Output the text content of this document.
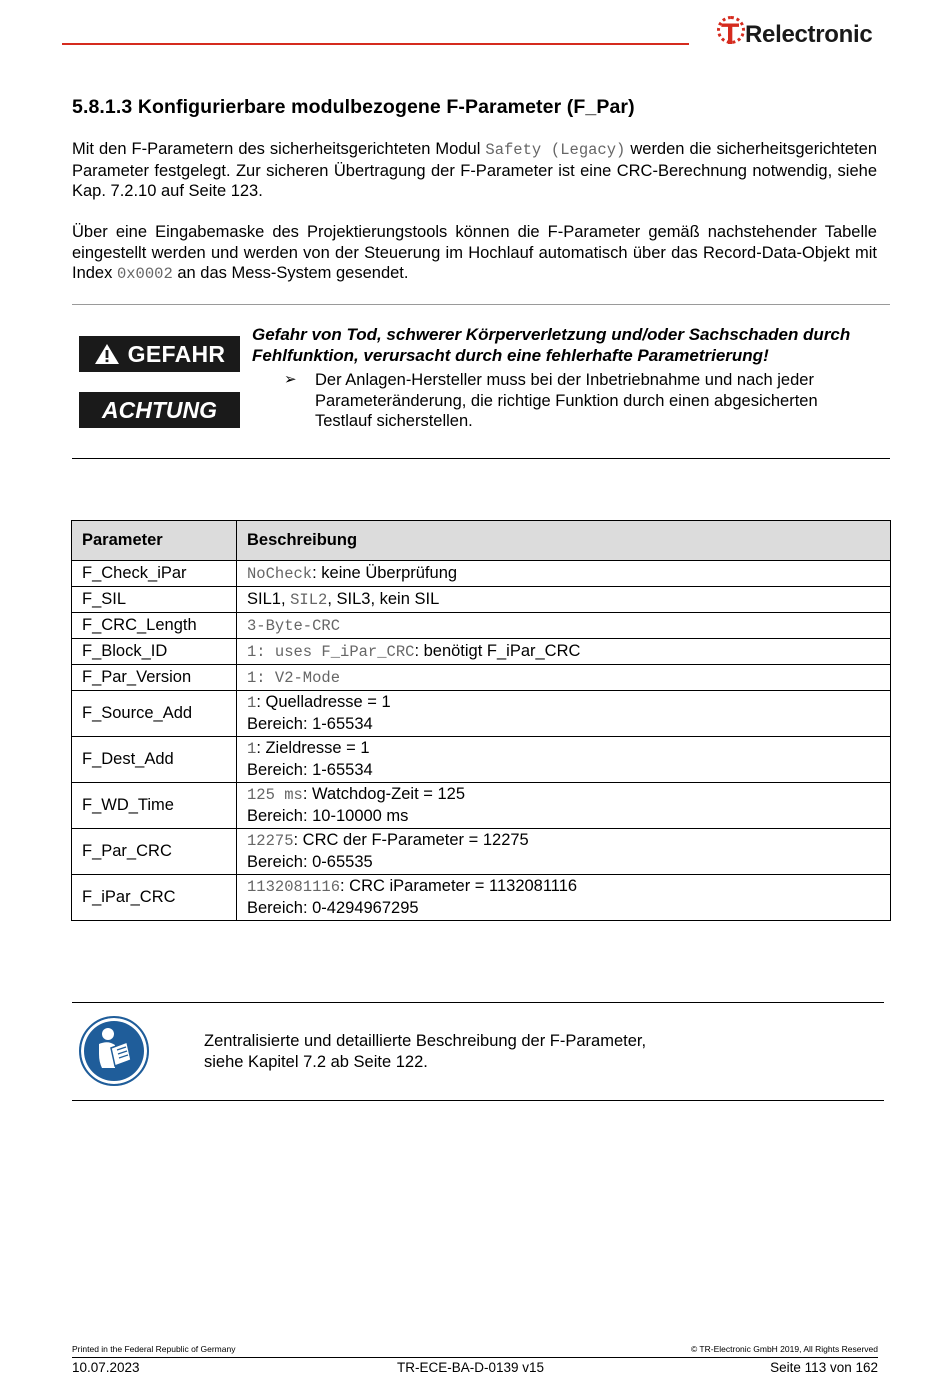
T Relectronic
5.8.1.3 Konfigurierbare modulbezogene F-Parameter (F_Par)

Mit den F-Parametern des sicherheitsgerichteten Modul Safety (Legacy) werden die sicherheitsgerichteten Parameter festgelegt. Zur sicheren Übertragung der F-Parameter ist eine CRC-Berechnung notwendig, siehe Kap. 7.2.10 auf Seite 123.

Über eine Eingabemaske des Projektierungstools können die F-Parameter gemäß nachstehender Tabelle eingestellt werden und werden von der Steuerung im Hochlauf automatisch über das Record-Data-Objekt mit Index 0x0002 an das Mess-System gesendet.

GEFAHR
ACHTUNG

Gefahr von Tod, schwerer Körperverletzung und/oder Sachschaden durch Fehlfunktion, verursacht durch eine fehlerhafte Parametrierung!

➢ Der Anlagen-Hersteller muss bei der Inbetriebnahme und nach jeder Parameteränderung, die richtige Funktion durch einen abgesicherten Testlauf sicherstellen.

Parameter	Beschreibung
F_Check_iPar	NoCheck: keine Überprüfung
F_SIL	SIL1, SIL2, SIL3, kein SIL
F_CRC_Length	3-Byte-CRC
F_Block_ID	1: uses F_iPar_CRC: benötigt F_iPar_CRC
F_Par_Version	1: V2-Mode
F_Source_Add	1: Quelladresse = 1
Bereich: 1-65534
F_Dest_Add	1: Zieldresse = 1
Bereich: 1-65534
F_WD_Time	125 ms: Watchdog-Zeit = 125
Bereich: 10-10000 ms
F_Par_CRC	12275: CRC der F-Parameter = 12275
Bereich: 0-65535
F_iPar_CRC	1132081116: CRC iParameter = 1132081116
Bereich: 0-4294967295

Zentralisierte und detaillierte Beschreibung der F-Parameter,
siehe Kapitel 7.2 ab Seite 122.

Printed in the Federal Republic of Germany	© TR-Electronic GmbH 2019, All Rights Reserved
10.07.2023	TR-ECE-BA-D-0139 v15	Seite 113 von 162
